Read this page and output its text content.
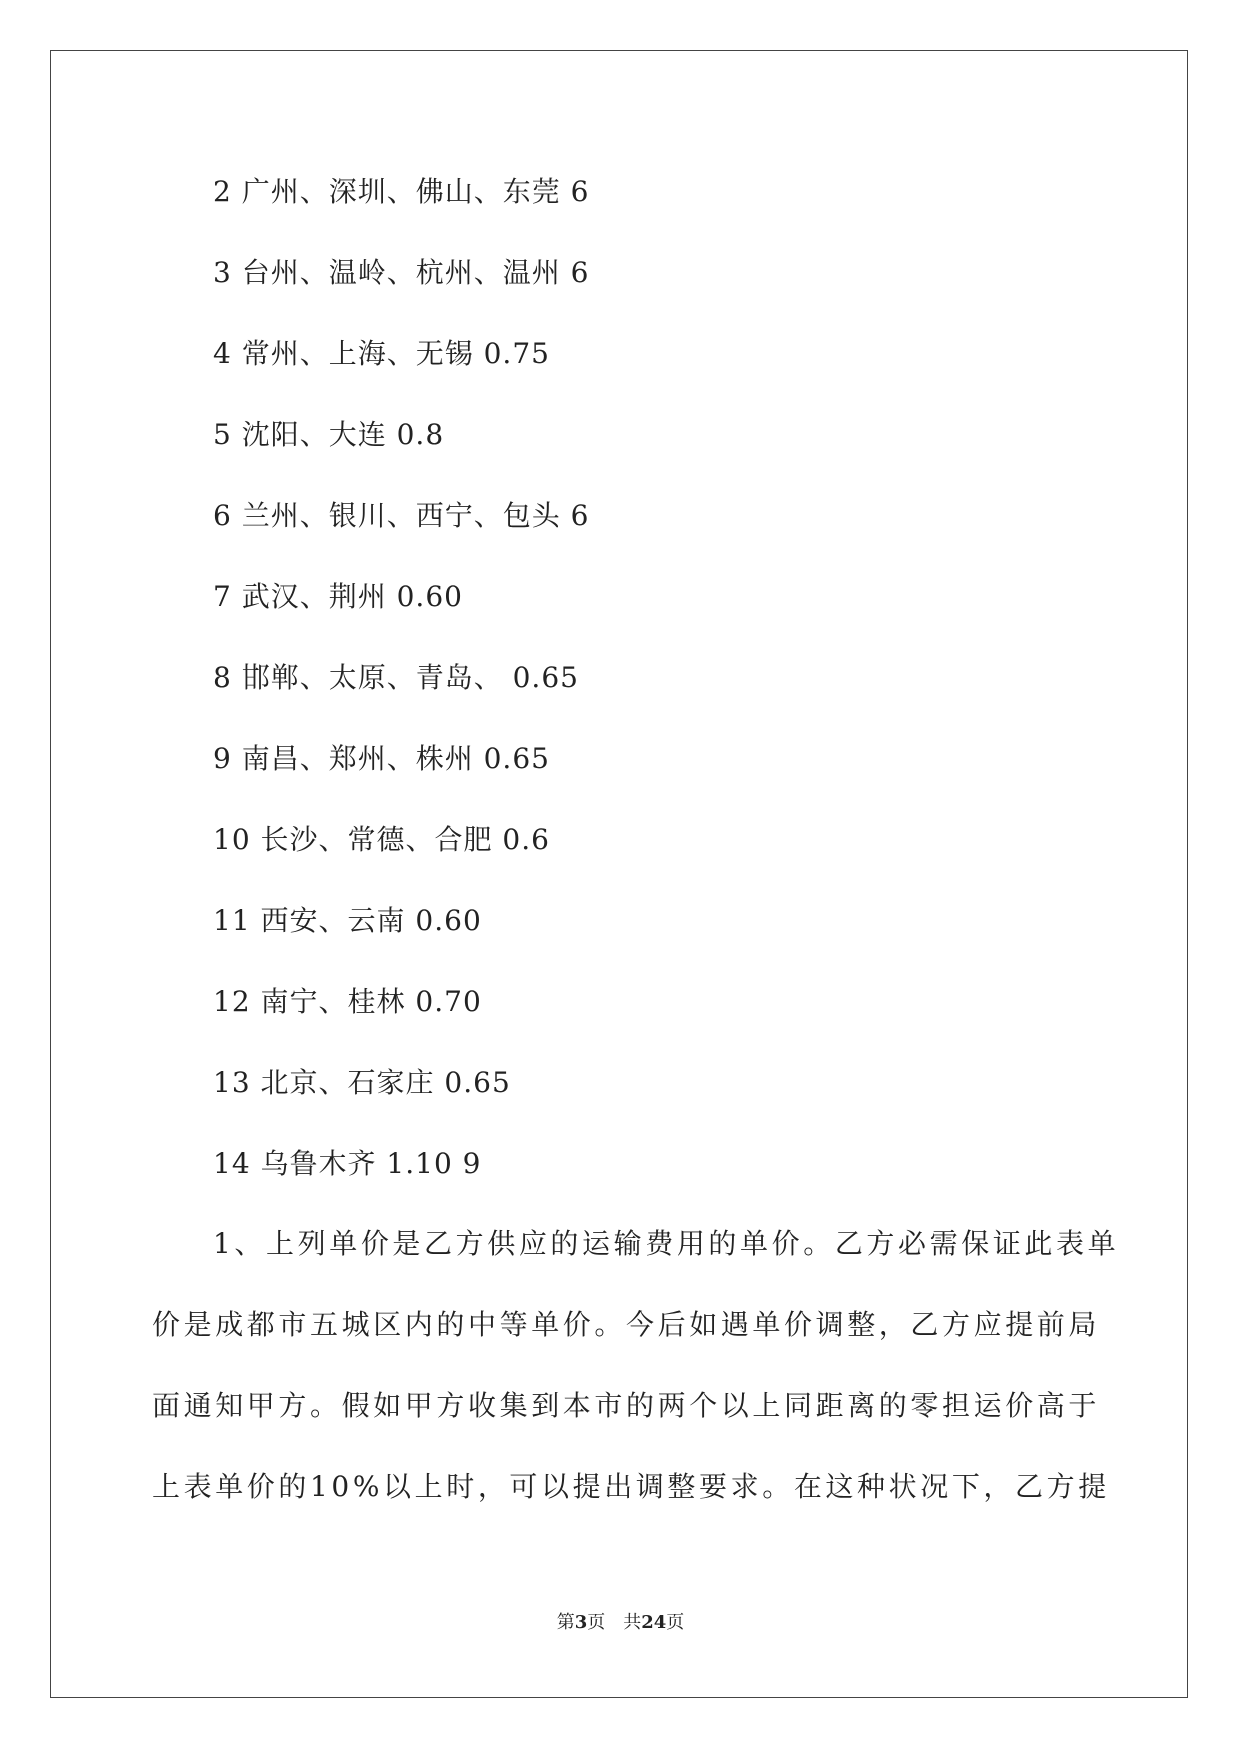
2 广州、深圳、佛山、东莞 6
3 台州、温岭、杭州、温州 6
4 常州、上海、无锡 0.75
5 沈阳、大连 0.8
6 兰州、银川、西宁、包头 6
7 武汉、荆州 0.60
8 邯郸、太原、青岛、 0.65
9 南昌、郑州、株州 0.65
10 长沙、常德、合肥 0.6
11 西安、云南 0.60
12 南宁、桂林 0.70
13 北京、石家庄 0.65
14 乌鲁木齐 1.10 9
1、上列单价是乙方供应的运输费用的单价。乙方必需保证此表单
价是成都市五城区内的中等单价。今后如遇单价调整，乙方应提前局
面通知甲方。假如甲方收集到本市的两个以上同距离的零担运价高于
上表单价的10%以上时，可以提出调整要求。在这种状况下，乙方提
第3页　共24页
